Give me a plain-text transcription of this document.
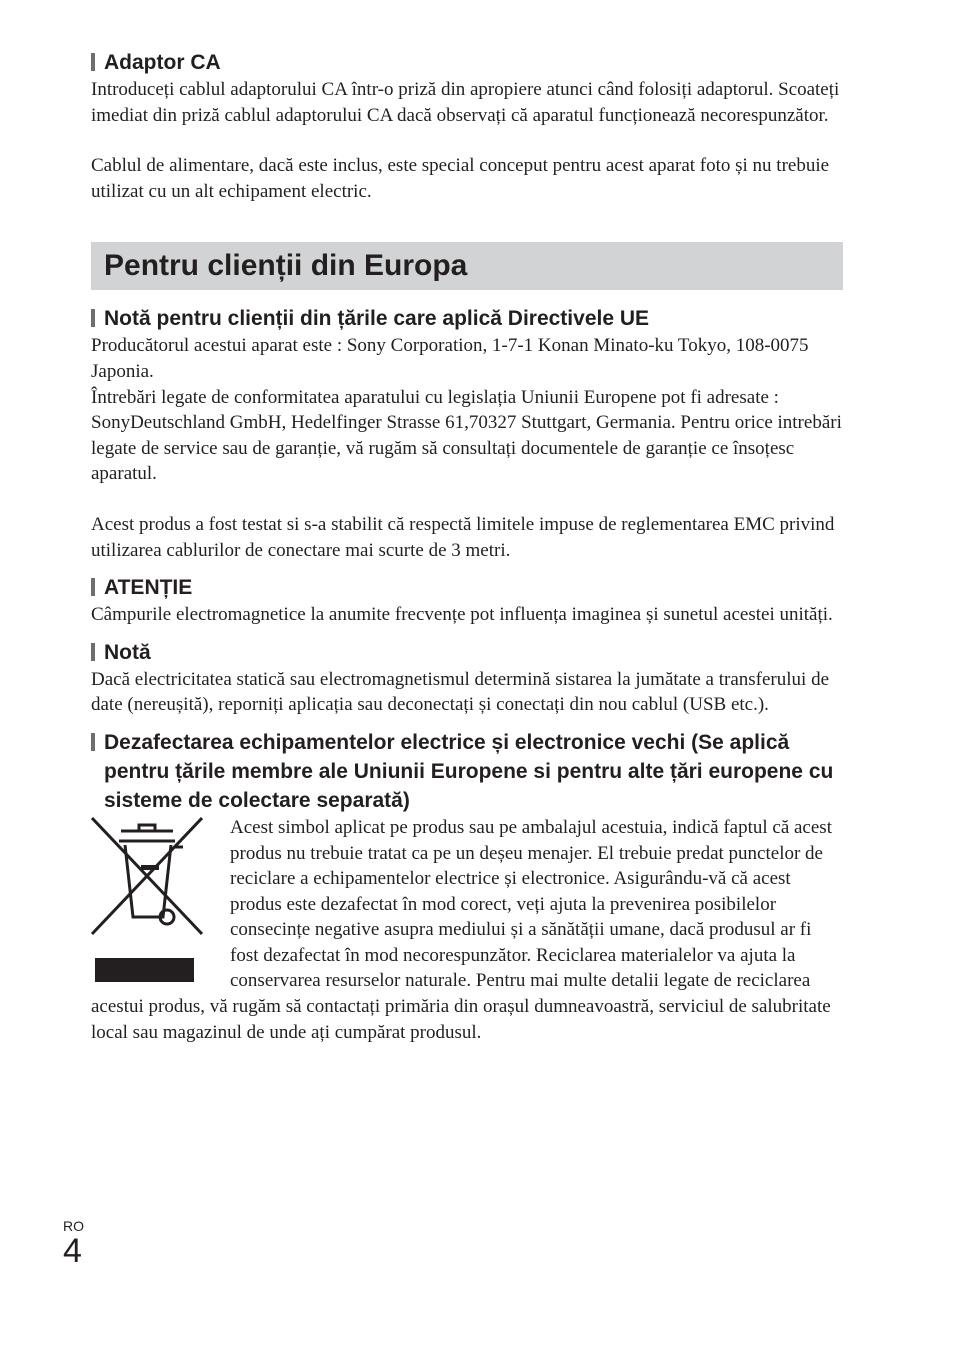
Adaptor CA

Introduceți cablul adaptorului CA într-o priză din apropiere atunci când folosiți adaptorul. Scoateți imediat din priză cablul adaptorului CA dacă observați că aparatul funcționează necorespunzător.

Cablul de alimentare, dacă este inclus, este special conceput pentru acest aparat foto și nu trebuie utilizat cu un alt echipament electric.

Pentru clienții din Europa
Notă pentru clienții din țările care aplică Directivele UE

Producătorul acestui aparat este : Sony Corporation, 1-7-1 Konan Minato-ku Tokyo, 108-0075 Japonia.

Întrebări legate de conformitatea aparatului cu legislația Uniunii Europene pot fi adresate : SonyDeutschland GmbH, Hedelfinger Strasse 61,70327 Stuttgart, Germania. Pentru orice intrebări legate de service sau de garanție, vă rugăm să consultați documentele de garanție ce însoțesc aparatul.

Acest produs a fost testat si s-a stabilit că respectă limitele impuse de reglementarea EMC privind utilizarea cablurilor de conectare mai scurte de 3 metri.

ATENȚIE

Câmpurile electromagnetice la anumite frecvențe pot influența imaginea și sunetul acestei unități.

Notă

Dacă electricitatea statică sau electromagnetismul determină sistarea la jumătate a transferului de date (nereușită), reporniți aplicația sau deconectați și conectați din nou cablul (USB etc.).

Dezafectarea echipamentelor electrice și electronice vechi (Se aplică pentru țările membre ale Uniunii Europene si pentru alte țări europene cu sisteme de colectare separată)

Acest simbol aplicat pe produs sau pe ambalajul acestuia, indică faptul că acest produs nu trebuie tratat ca pe un deșeu menajer. El trebuie predat punctelor de reciclare a echipamentelor electrice și electronice. Asigurându-vă că acest produs este dezafectat în mod corect, veți ajuta la prevenirea posibilelor consecințe negative asupra mediului și a sănătății umane, dacă produsul ar fi fost dezafectat în mod necorespunzător. Reciclarea materialelor va ajuta la conservarea resurselor naturale. Pentru mai multe detalii legate de reciclarea acestui produs, vă rugăm să contactați primăria din orașul dumneavoastră, serviciul de salubritate local sau magazinul de unde ați cumpărat produsul.

RO
4
